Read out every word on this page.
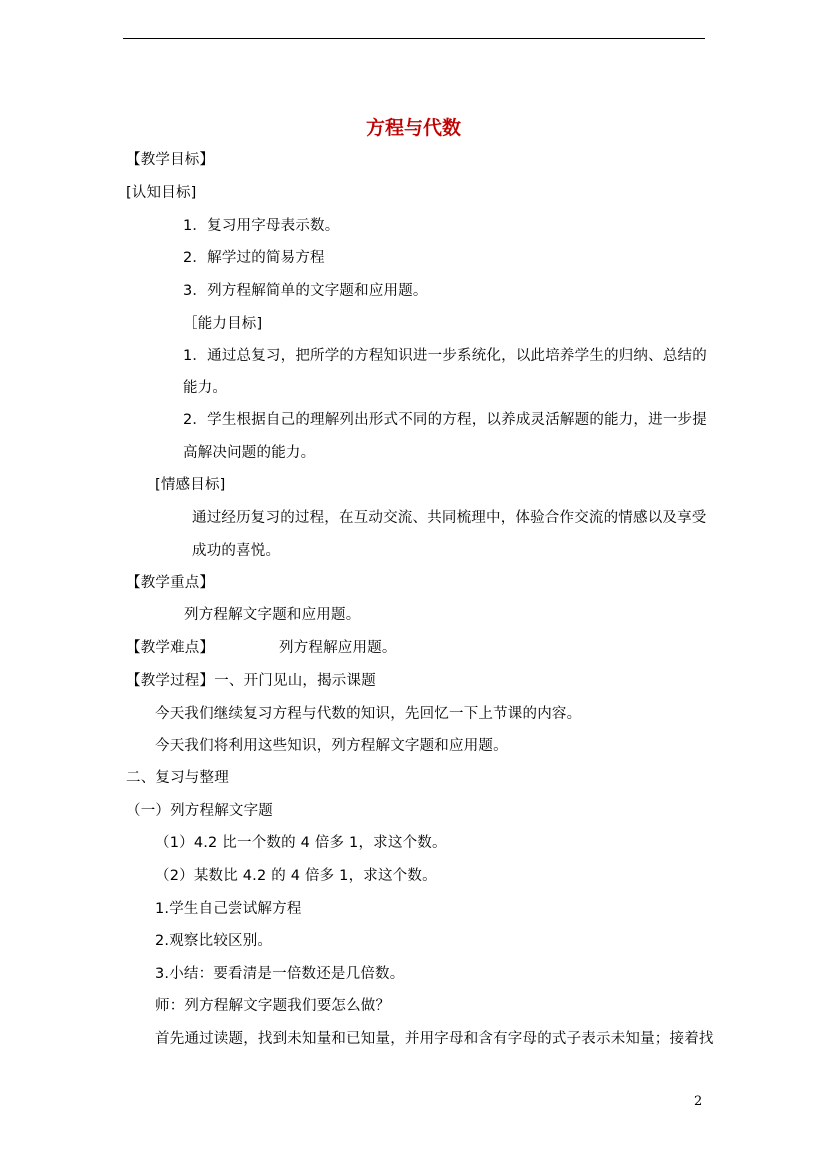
方程与代数
【教学目标】
[认知目标]
1．复习用字母表示数。
2．解学过的简易方程
3．列方程解简单的文字题和应用题。
［能力目标]
1．通过总复习，把所学的方程知识进一步系统化，以此培养学生的归纳、总结的
能力。
2．学生根据自己的理解列出形式不同的方程，以养成灵活解题的能力，进一步提
高解决问题的能力。
[情感目标]
通过经历复习的过程，在互动交流、共同梳理中，体验合作交流的情感以及享受
成功的喜悦。
【教学重点】
列方程解文字题和应用题。
【教学难点】	列方程解应用题。
【教学过程】一、开门见山，揭示课题
今天我们继续复习方程与代数的知识，先回忆一下上节课的内容。
今天我们将利用这些知识，列方程解文字题和应用题。
二、复习与整理
（一）列方程解文字题
（1）4.2 比一个数的 4 倍多 1，求这个数。
（2）某数比 4.2 的 4 倍多 1，求这个数。
1.学生自己尝试解方程
2.观察比较区别。
3.小结：要看清是一倍数还是几倍数。
师：列方程解文字题我们要怎么做？
首先通过读题，找到未知量和已知量，并用字母和含有字母的式子表示未知量；接着找
2
